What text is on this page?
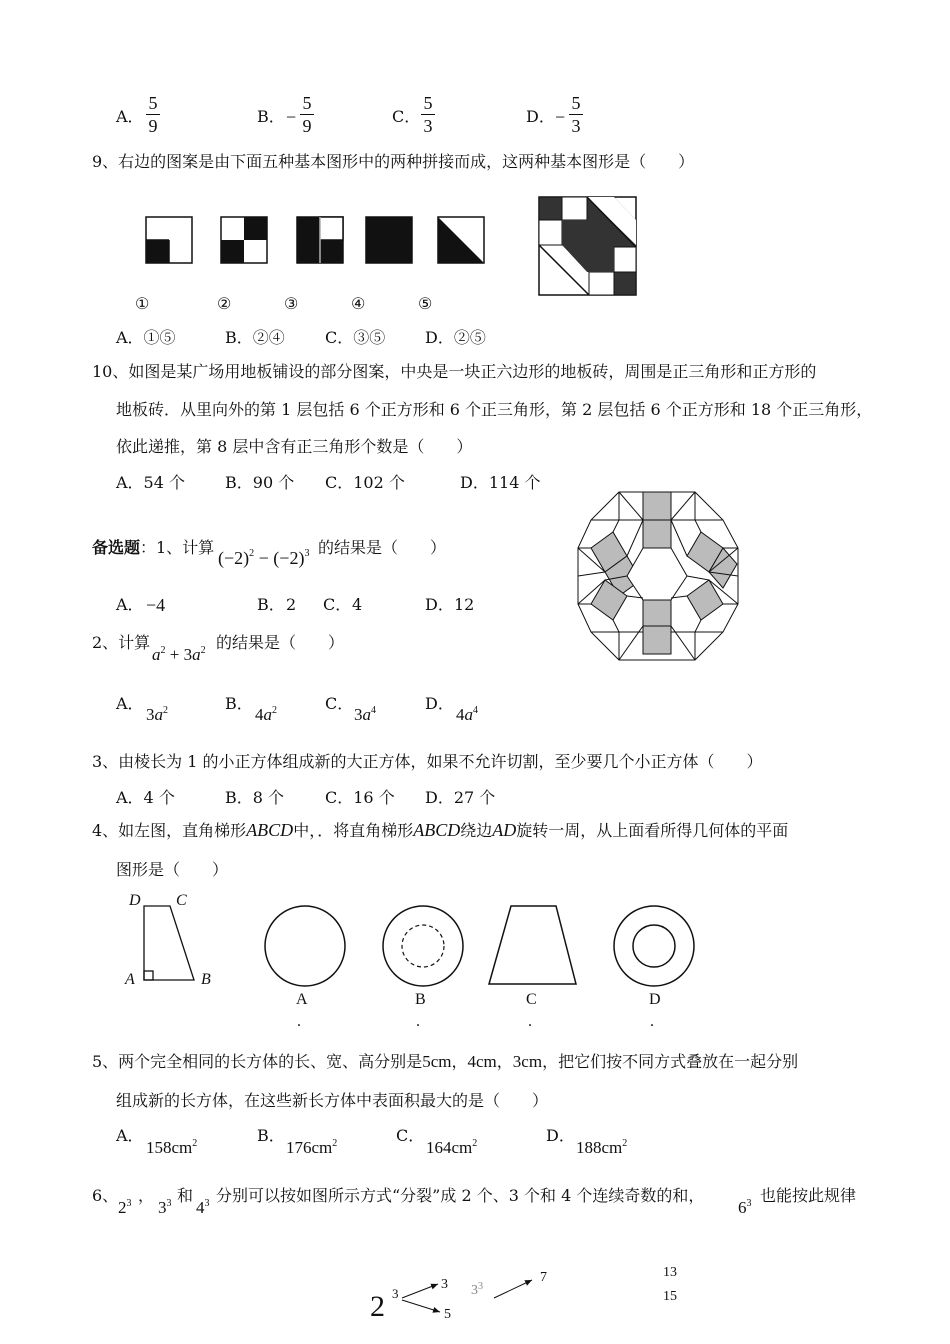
A．
5
9	B． −
5
9	C．
5
3	D． −
5
3
9、右边的图案是由下面五种基本图形中的两种拼接而成，这两种基本图形是（　　）
①	②	③	④	⑤
A．①⑤	B．②④	C．③⑤ D．②⑤
10、如图是某广场用地板铺设的部分图案，中央是一块正六边形的地板砖，周围是正三角形和正方形的
地板砖．从里向外的第 1 层包括 6 个正方形和 6 个正三角形，第 2 层包括 6 个正方形和 18 个正三角形，
依此递推，第 8 层中含有正三角形个数是（　　）
A．54 个 B．90 个 C．102 个	D．114 个
备选题 ：1、计算
$(-2)^2 - (-2)^3$ 的结果是（　　）
A． −4	B． 2 C． 4	D． 12
2、计算
$a^2 + 3a^2$ 的结果是（　　）
A．
$3a^2$	B．
$4a^2$	C．
$3a^4$	D．
$4a^4$
3、由棱长为 1 的小正方体组成新的大正方体，如果不允许切割，至少要几个小正方体（　　）
A．4 个	B．8 个	C．16 个 D．27 个
4、如左图，直角梯形ABCD中，．将直角梯形ABCD绕边AD旋转一周，从上面看所得几何体的平面
图形是（　　）
D C
A	B
A
.
B
.
C
.
D
.
5、两个完全相同的长方体的长、宽、高分别是5cm，4cm，3cm，把它们按不同方式叠放在一起分别
组成新的长方体，在这些新长方体中表面积最大的是（　　）
A．
$158cm^2$	B．
$176cm^2$	C．
$164cm^2$	D．
$188cm^2$
6、
$2^3$ ，
$3^3$ 和
$4^3$ 分别可以按如图所示方式“分裂”成 2 个、3 个和 4 个连续奇数的和，
$6^3$ 也能按此规律
2 3
3
5
$3^3$
7	13
15
